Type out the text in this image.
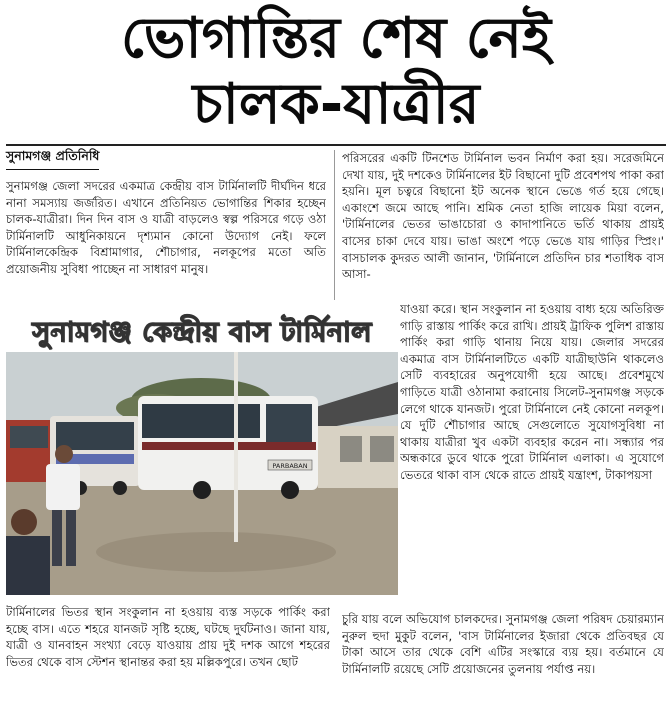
ভোগান্তির শেষ নেই
চালক-যাত্রীর
সুনামগঞ্জ প্রতিনিধি

সুনামগঞ্জ জেলা সদরের একমাত্র কেন্দ্রীয় বাস টার্মিনালটি দীর্ঘদিন ধরে নানা সমস্যায় জর্জরিত। এখানে প্রতিনিয়ত ভোগান্তির শিকার হচ্ছেন চালক-যাত্রীরা। দিন দিন বাস ও যাত্রী বাড়লেও স্বল্প পরিসরে গড়ে ওঠা টার্মিনালটি আধুনিকায়নে দৃশ্যমান কোনো উদ্যোগ নেই। ফলে টার্মিনালকেন্দ্রিক বিশ্রামাগার, শৌচাগার, নলকূপের মতো অতি প্রয়োজনীয় সুবিধা পাচ্ছেন না সাধারণ মানুষ।

পরিসরের একটি টিনশেড টার্মিনাল ভবন নির্মাণ করা হয়। সরেজমিনে দেখা যায়, দুই দশকেও টার্মিনালের ইট বিছানো দুটি প্রবেশপথ পাকা করা হয়নি। মূল চত্বরে বিছানো ইট অনেক স্থানে ভেঙে গর্ত হয়ে গেছে। একাংশে জমে আছে পানি। শ্রমিক নেতা হাজি লায়েক মিয়া বলেন, 'টার্মিনালের ভেতর ভাঙাচোরা ও কাদাপানিতে ভর্তি থাকায় প্রায়ই বাসের চাকা দেবে যায়। ভাঙা অংশে পড়ে ভেঙে যায় গাড়ির স্প্রিং।' বাসচালক কুদরত আলী জানান, 'টার্মিনালে প্রতিদিন চার শতাধিক বাস আসা-

সুনামগঞ্জ কেন্দ্রীয় বাস টার্মিনাল
PARBABAN

যাওয়া করে। স্থান সংকুলান না হওয়ায় বাধ্য হয়ে অতিরিক্ত গাড়ি রাস্তায় পার্কিং করে রাখি। প্রায়ই ট্রাফিক পুলিশ রাস্তায় পার্কিং করা গাড়ি থানায় নিয়ে যায়। জেলার সদরের একমাত্র বাস টার্মিনালটিতে একটি যাত্রীছাউনি থাকলেও সেটি ব্যবহারের অনুপযোগী হয়ে আছে। প্রবেশমুখে গাড়িতে যাত্রী ওঠানামা করানোয় সিলেট-সুনামগঞ্জ সড়কে লেগে থাকে যানজট। পুরো টার্মিনালে নেই কোনো নলকূপ। যে দুটি শৌচাগার আছে সেগুলোতে সুযোগসুবিধা না থাকায় যাত্রীরা খুব একটা ব্যবহার করেন না। সন্ধ্যার পর অন্ধকারে ডুবে থাকে পুরো টার্মিনাল এলাকা। এ সুযোগে ভেতরে থাকা বাস থেকে রাতে প্রায়ই যন্ত্রাংশ, টাকাপয়সা

টার্মিনালের ভিতর স্থান সংকুলান না হওয়ায় ব্যস্ত সড়কে পার্কিং করা হচ্ছে বাস। এতে শহরে যানজট সৃষ্টি হচ্ছে, ঘটছে দুর্ঘটনাও। জানা যায়, যাত্রী ও যানবাহন সংখ্যা বেড়ে যাওয়ায় প্রায় দুই দশক আগে শহরের ভিতর থেকে বাস স্টেশন স্থানান্তর করা হয় মল্লিকপুরে। তখন ছোট

চুরি যায় বলে অভিযোগ চালকদের। সুনামগঞ্জ জেলা পরিষদ চেয়ারম্যান নুরুল হুদা মুকুট বলেন, 'বাস টার্মিনালের ইজারা থেকে প্রতিবছর যে টাকা আসে তার থেকে বেশি এটির সংস্কারে ব্যয় হয়। বর্তমানে যে টার্মিনালটি রয়েছে সেটি প্রয়োজনের তুলনায় পর্যাপ্ত নয়।
